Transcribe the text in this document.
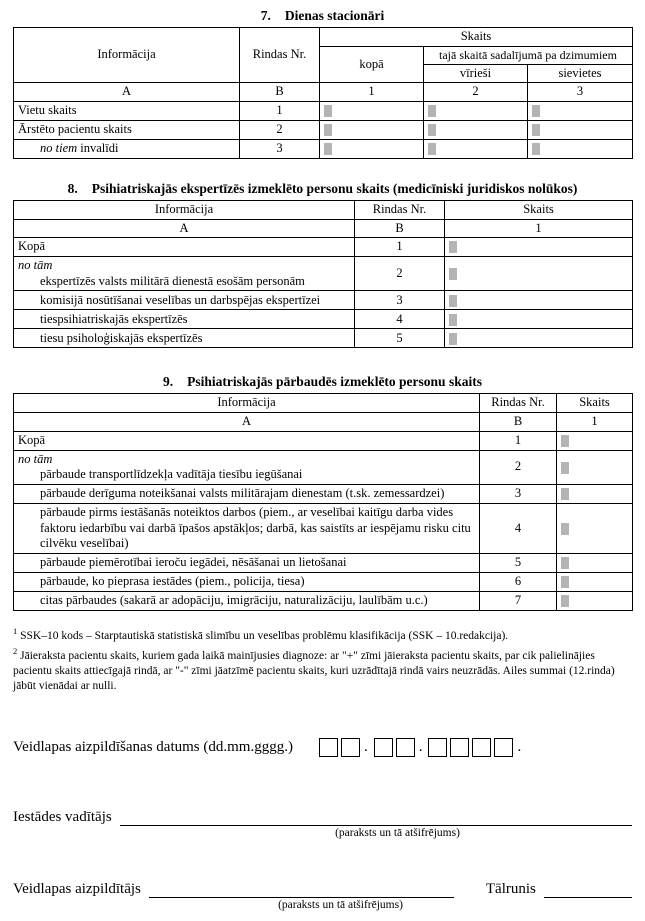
7. Dienas stacionāri
Informācija	Rindas Nr.	Skaits		
		kopā	tajā skaitā sadalījumā pa dzimumiem	
			vīrieši	sievietes
A	B	1	2	3
Vietu skaits	1			
Ārstēto pacientu skaits	2			
no tiem invalīdi	3			
8. Psihiatriskajās ekspertīzēs izmeklēto personu skaits (medicīniski juridiskos nolūkos)
Informācija	Rindas Nr.	Skaits
A	B	1
Kopā	1	

no tām
ekspertīzēs valsts militārā dienestā esošām personām	2	
komisijā nosūtīšanai veselības un darbspējas ekspertīzei	3	
tiespsihiatriskajās ekspertīzēs	4	
tiesu psiholoģiskajās ekspertīzēs	5	
9. Psihiatriskajās pārbaudēs izmeklēto personu skaits
Informācija	Rindas Nr.	Skaits
A	B	1
Kopā	1	

no tām
pārbaude transportlīdzekļa vadītāja tiesību iegūšanai	2	
pārbaude derīguma noteikšanai valsts militārajam dienestam (t.sk. zemessardzei)	3	
pārbaude pirms iestāšanās noteiktos darbos (piem., ar veselībai kaitīgu darba vides faktoru iedarbību vai darbā īpašos apstākļos; darbā, kas saistīts ar iespējamu risku citu cilvēku veselībai)	4	
pārbaude piemērotībai ieroču iegādei, nēsāšanai un lietošanai	5	
pārbaude, ko pieprasa iestādes (piem., policija, tiesa)	6	
citas pārbaudes (sakarā ar adopāciju, imigrāciju, naturalizāciju, laulībām u.c.)	7	
$^1$ SSK–10 kods – Starptautiskā statistiskā slimību un veselības problēmu klasifikācija (SSK – 10.redakcija).
$^2$ Jāieraksta pacientu skaits, kuriem gada laikā mainījusies diagnoze: ar "+" zīmi jāieraksta pacientu skaits, par cik palielinājies pacientu skaits attiecīgajā rindā, ar "-" zīmi jāatzīmē pacientu skaits, kuri uzrādītajā rindā vairs neuzrādās. Ailes summai (12.rinda) jābūt vienādai ar nulli.
Veidlapas aizpildīšanas datums (dd.mm.gggg.)	.	.	.
Iestādes vadītājs
(paraksts un tā atšifrējums)
Veidlapas aizpildītājs	Tālrunis
(paraksts un tā atšifrējums)
